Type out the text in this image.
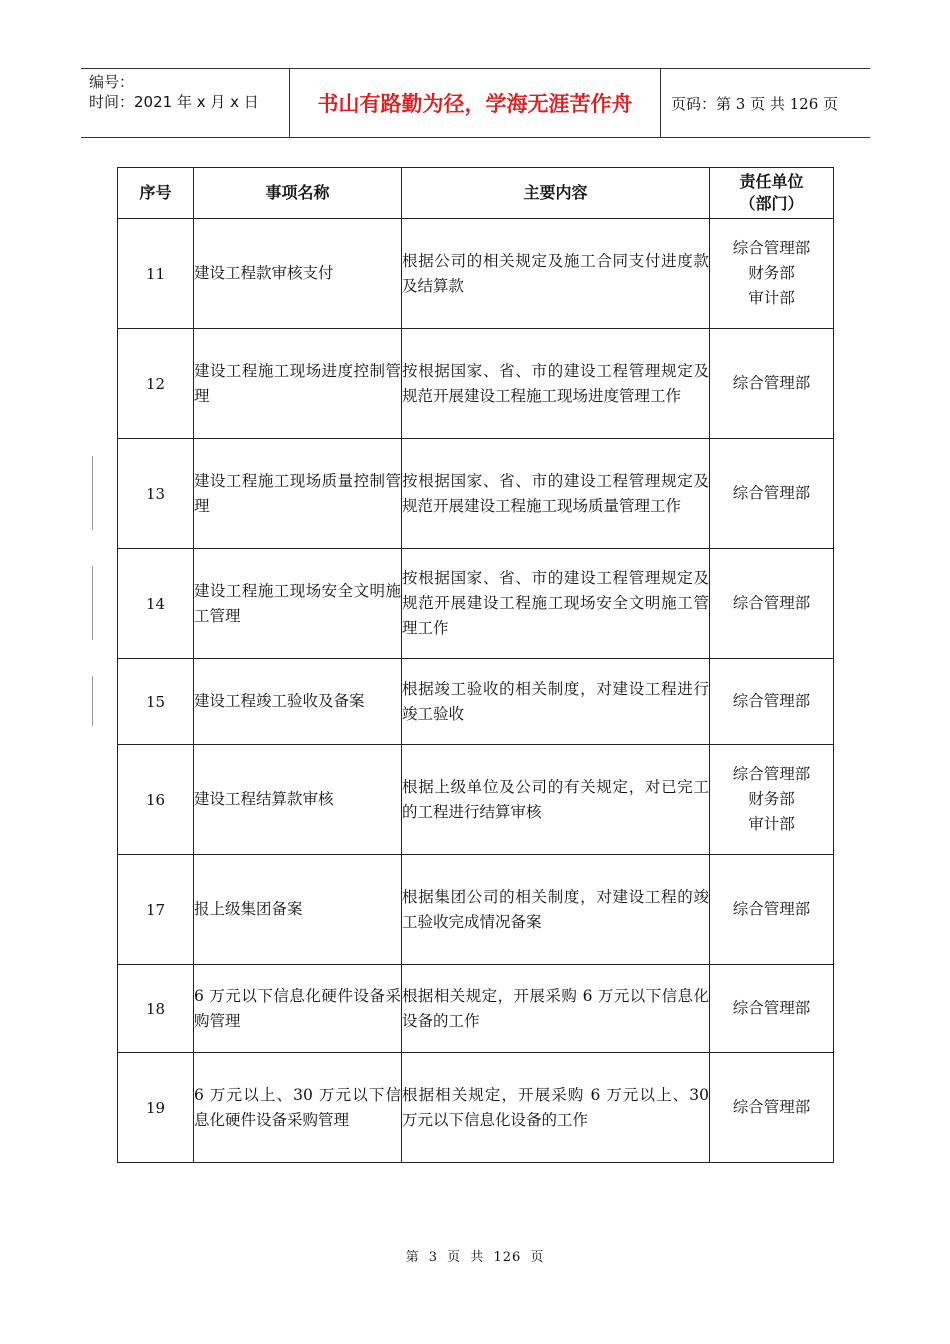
编号：
时间：2021 年 x 月 x 日	书山有路勤为径，学海无涯苦作舟	页码：第 3 页 共 126 页
序号	事项名称	主要内容	责任单位
（部门）

11	建设工程款审核支付	根据公司的相关规定及施工合同支付进度款及结算款	综合管理部
财务部
审计部

12	建设工程施工现场进度控制管理	按根据国家、省、市的建设工程管理规定及规范开展建设工程施工现场进度管理工作	综合管理部

13	建设工程施工现场质量控制管理	按根据国家、省、市的建设工程管理规定及规范开展建设工程施工现场质量管理工作	综合管理部

14	建设工程施工现场安全文明施工管理	按根据国家、省、市的建设工程管理规定及规范开展建设工程施工现场安全文明施工管理工作	综合管理部

15	建设工程竣工验收及备案	根据竣工验收的相关制度，对建设工程进行竣工验收	综合管理部

16	建设工程结算款审核	根据上级单位及公司的有关规定，对已完工的工程进行结算审核	综合管理部
财务部
审计部

17	报上级集团备案	根据集团公司的相关制度，对建设工程的竣工验收完成情况备案	综合管理部

18	6 万元以下信息化硬件设备采购管理	根据相关规定，开展采购 6 万元以下信息化设备的工作	综合管理部

19	6 万元以上、30 万元以下信息化硬件设备采购管理	根据相关规定，开展采购 6 万元以上、30 万元以下信息化设备的工作	综合管理部
第 3 页 共 126 页
